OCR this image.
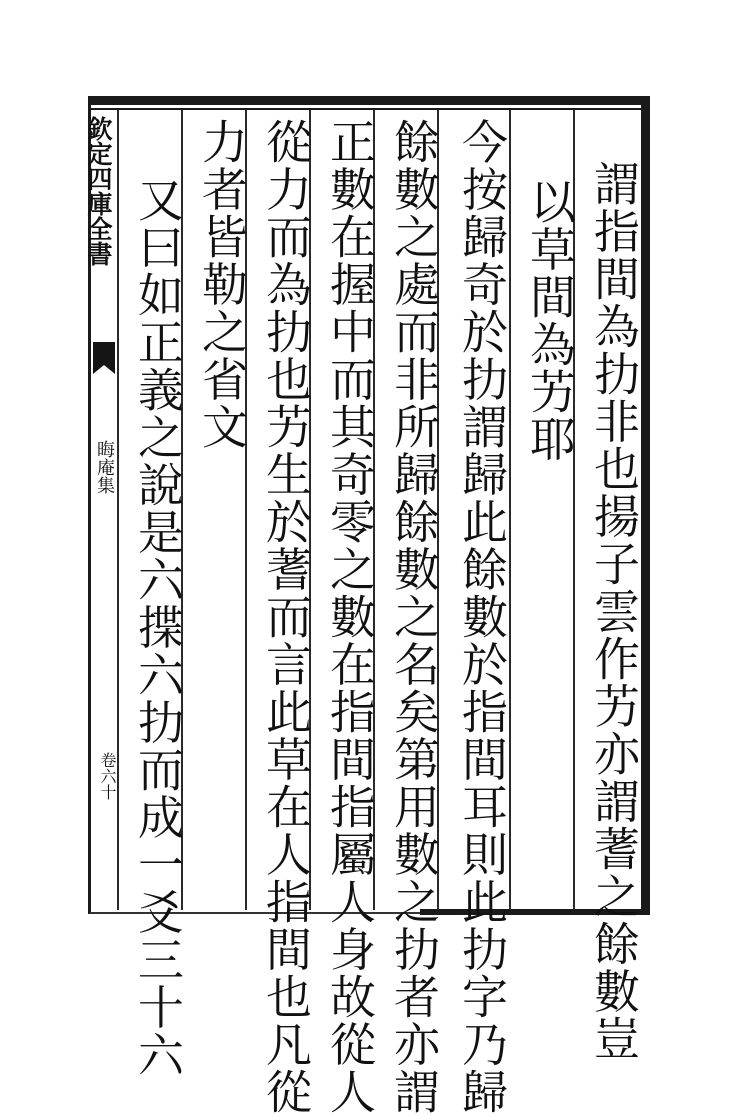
欽定四庫全書
晦庵集
卷六十	謂指間為扐非也揚子雲作艻亦謂蓍之餘數豈
以草間為艻耶
今按歸奇於扐謂歸此餘數於指間耳則此扐字乃歸
餘數之處而非所歸餘數之名矣第用數之扐者亦謂
正數在握中而其奇零之數在指間指屬人身故從人
從力而為扐也艻生於蓍而言此草在人指間也凡從
力者皆勒之省文
又曰如正義之說是六揲六扐而成一爻三十六
